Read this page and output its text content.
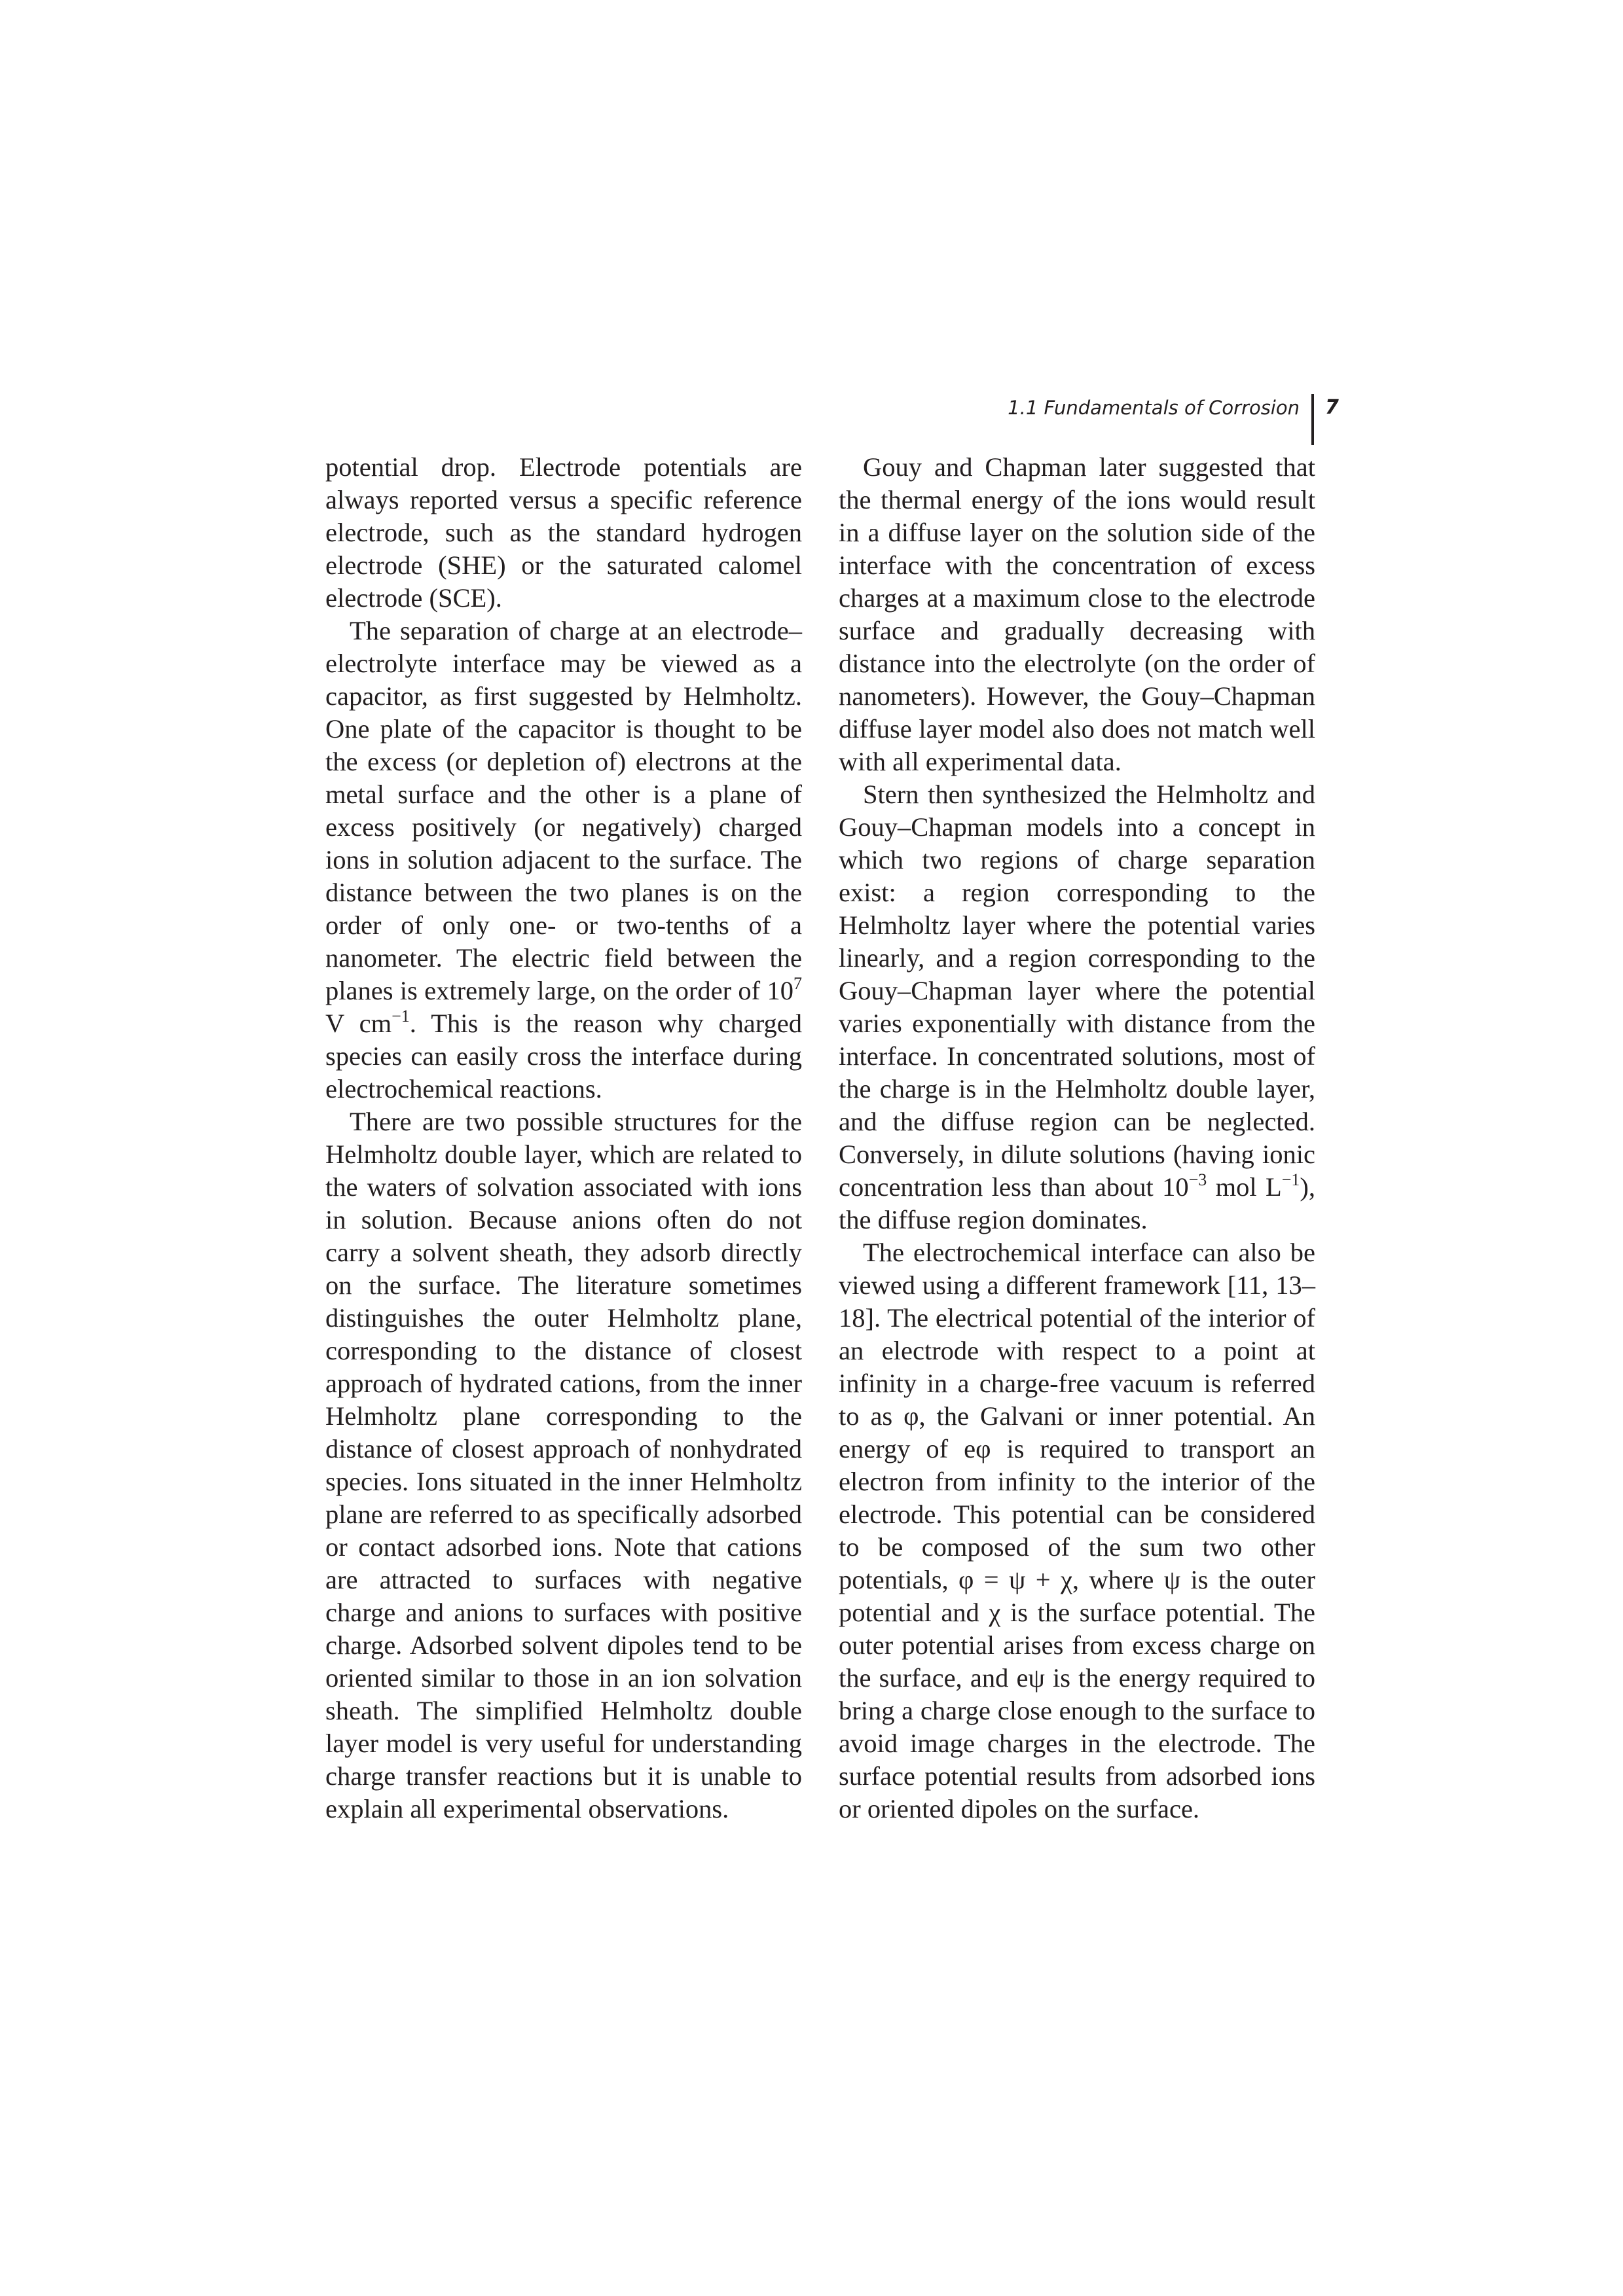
1.1 Fundamentals of Corrosion 7

potential drop. Electrode potentials are always reported versus a specific reference electrode, such as the standard hydrogen electrode (SHE) or the saturated calomel electrode (SCE).

The separation of charge at an electrode–electrolyte interface may be viewed as a capacitor, as first suggested by Helmholtz. One plate of the capacitor is thought to be the excess (or depletion of) electrons at the metal surface and the other is a plane of excess positively (or negatively) charged ions in solution adjacent to the surface. The distance between the two planes is on the order of only one- or two-tenths of a nanometer. The electric field between the planes is extremely large, on the order of $10^7$ V $cm^{-1}$. This is the reason why charged species can easily cross the interface during electrochemical reactions.

There are two possible structures for the Helmholtz double layer, which are related to the waters of solvation associated with ions in solution. Because anions often do not carry a solvent sheath, they adsorb directly on the surface. The literature sometimes distinguishes the outer Helmholtz plane, corresponding to the distance of closest approach of hydrated cations, from the inner Helmholtz plane corresponding to the distance of closest approach of nonhydrated species. Ions situated in the inner Helmholtz plane are referred to as specifically adsorbed or contact adsorbed ions. Note that cations are attracted to surfaces with negative charge and anions to surfaces with positive charge. Adsorbed solvent dipoles tend to be oriented similar to those in an ion solvation sheath. The simplified Helmholtz double layer model is very useful for understanding charge transfer reactions but it is unable to explain all experimental observations.

Gouy and Chapman later suggested that the thermal energy of the ions would result in a diffuse layer on the solution side of the interface with the concentration of excess charges at a maximum close to the electrode surface and gradually decreasing with distance into the electrolyte (on the order of nanometers). However, the Gouy–Chapman diffuse layer model also does not match well with all experimental data.

Stern then synthesized the Helmholtz and Gouy–Chapman models into a concept in which two regions of charge separation exist: a region corresponding to the Helmholtz layer where the potential varies linearly, and a region corresponding to the Gouy–Chapman layer where the potential varies exponentially with distance from the interface. In concentrated solutions, most of the charge is in the Helmholtz double layer, and the diffuse region can be neglected. Conversely, in dilute solutions (having ionic concentration less than about $10^{-3}$ mol $L^{-1}$), the diffuse region dominates.

The electrochemical interface can also be viewed using a different framework [11, 13–18]. The electrical potential of the interior of an electrode with respect to a point at infinity in a charge-free vacuum is referred to as φ, the Galvani or inner potential. An energy of eφ is required to transport an electron from infinity to the interior of the electrode. This potential can be considered to be composed of the sum two other potentials, φ = ψ + χ, where ψ is the outer potential and χ is the surface potential. The outer potential arises from excess charge on the surface, and eψ is the energy required to bring a charge close enough to the surface to avoid image charges in the electrode. The surface potential results from adsorbed ions or oriented dipoles on the surface.
